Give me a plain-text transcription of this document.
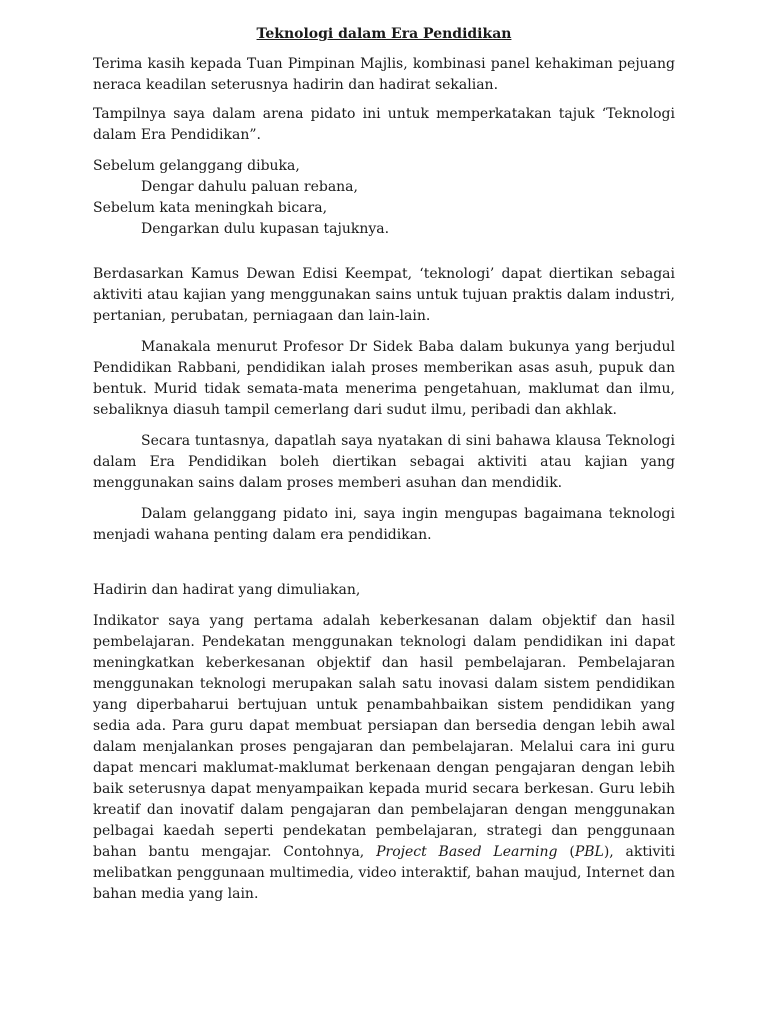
Teknologi dalam Era Pendidikan

Terima kasih kepada Tuan Pimpinan Majlis, kombinasi panel kehakiman pejuang neraca keadilan seterusnya hadirin dan hadirat sekalian.

Tampilnya saya dalam arena pidato ini untuk memperkatakan tajuk ‘Teknologi dalam Era Pendidikan”.

Sebelum gelanggang dibuka,
Dengar dahulu paluan rebana,
Sebelum kata meningkah bicara,
Dengarkan dulu kupasan tajuknya.

Berdasarkan Kamus Dewan Edisi Keempat, ‘teknologi’ dapat diertikan sebagai aktiviti atau kajian yang menggunakan sains untuk tujuan praktis dalam industri, pertanian, perubatan, perniagaan dan lain-lain.

Manakala menurut Profesor Dr Sidek Baba dalam bukunya yang berjudul Pendidikan Rabbani, pendidikan ialah proses memberikan asas asuh, pupuk dan bentuk. Murid tidak semata-mata menerima pengetahuan, maklumat dan ilmu, sebaliknya diasuh tampil cemerlang dari sudut ilmu, peribadi dan akhlak.

Secara tuntasnya, dapatlah saya nyatakan di sini bahawa klausa Teknologi dalam Era Pendidikan boleh diertikan sebagai aktiviti atau kajian yang menggunakan sains dalam proses memberi asuhan dan mendidik.

Dalam gelanggang pidato ini, saya ingin mengupas bagaimana teknologi menjadi wahana penting dalam era pendidikan.

Hadirin dan hadirat yang dimuliakan,

Indikator saya yang pertama adalah keberkesanan dalam objektif dan hasil pembelajaran. Pendekatan menggunakan teknologi dalam pendidikan ini dapat meningkatkan keberkesanan objektif dan hasil pembelajaran. Pembelajaran menggunakan teknologi merupakan salah satu inovasi dalam sistem pendidikan yang diperbaharui bertujuan untuk penambahbaikan sistem pendidikan yang sedia ada. Para guru dapat membuat persiapan dan bersedia dengan lebih awal dalam menjalankan proses pengajaran dan pembelajaran. Melalui cara ini guru dapat mencari maklumat-maklumat berkenaan dengan pengajaran dengan lebih baik seterusnya dapat menyampaikan kepada murid secara berkesan. Guru lebih kreatif dan inovatif dalam pengajaran dan pembelajaran dengan menggunakan pelbagai kaedah seperti pendekatan pembelajaran, strategi dan penggunaan bahan bantu mengajar. Contohnya, Project Based Learning (PBL), aktiviti melibatkan penggunaan multimedia, video interaktif, bahan maujud, Internet dan bahan media yang lain.
